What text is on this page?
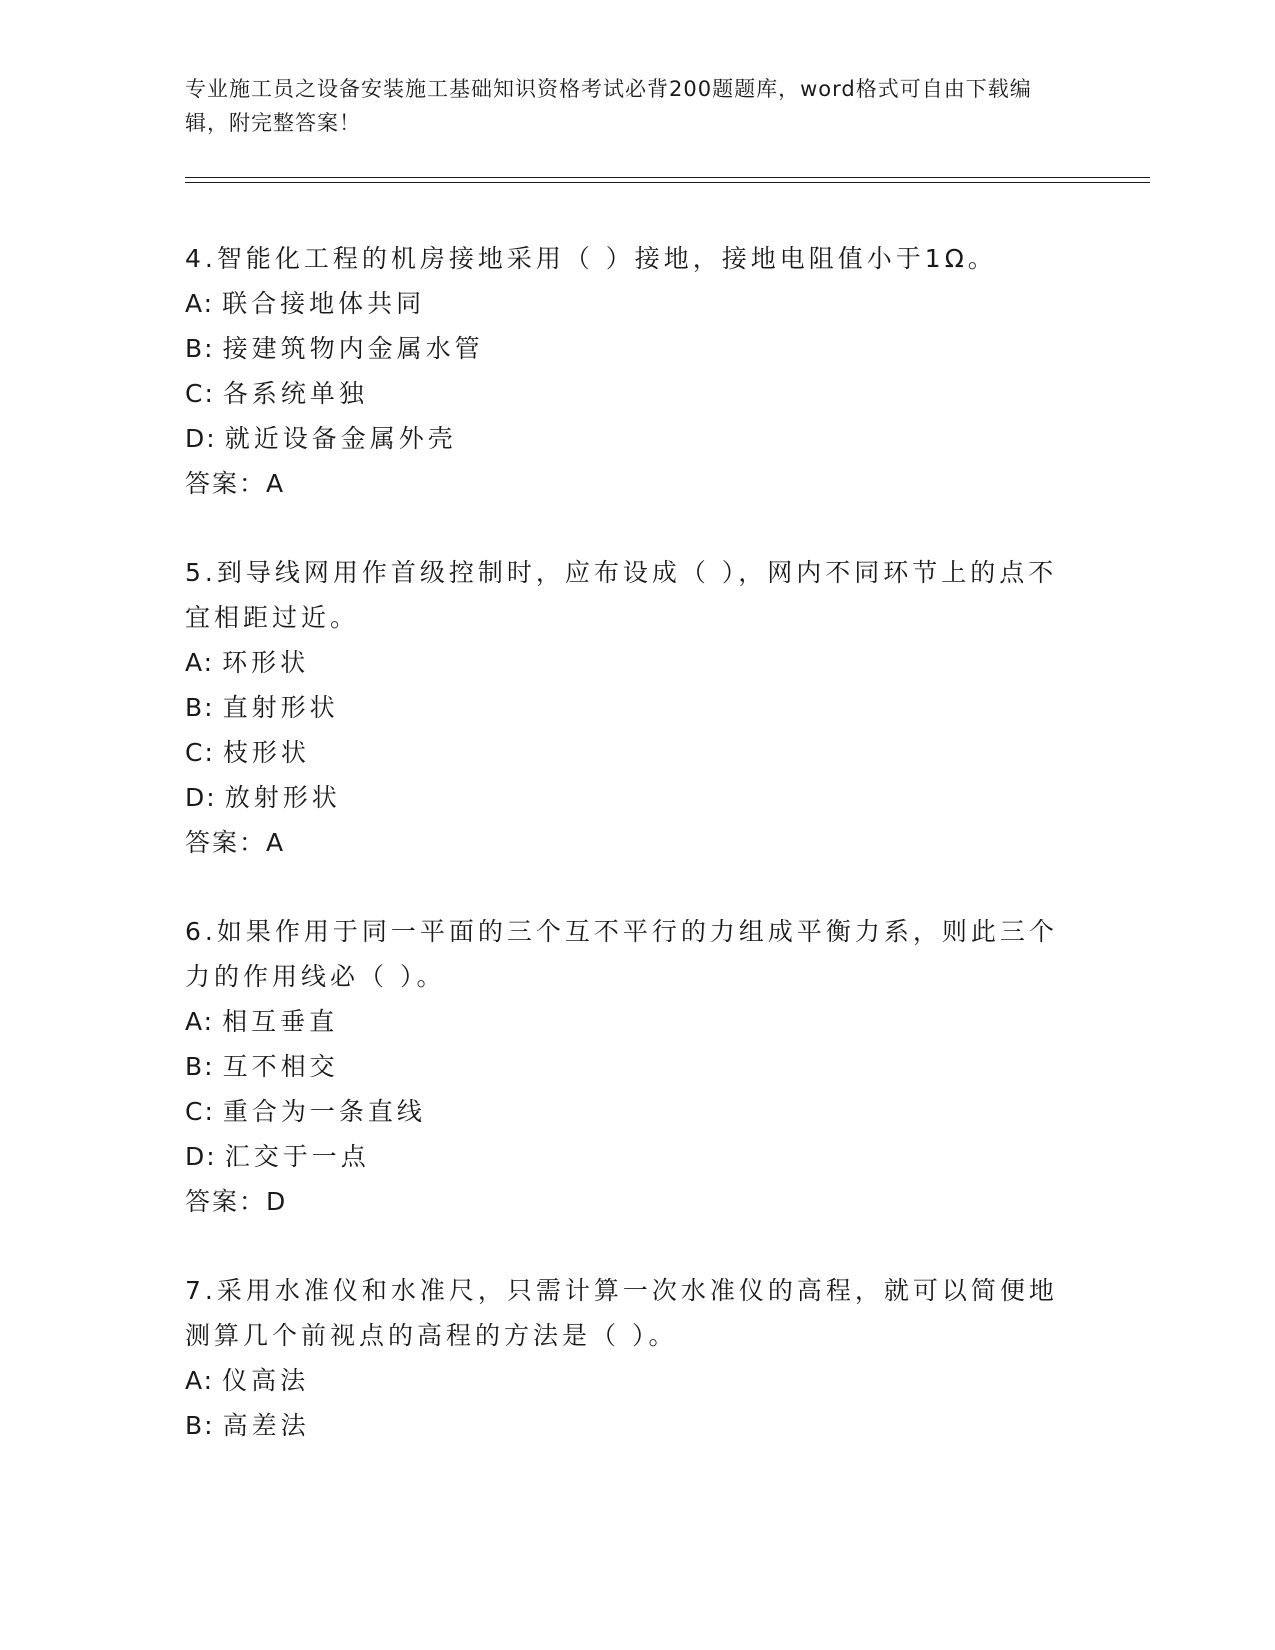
专业施工员之设备安装施工基础知识资格考试必背200题题库，word格式可自由下载编辑，附完整答案！
4.智能化工程的机房接地采用（ ）接地，接地电阻值小于1Ω。
A: 联合接地体共同
B: 接建筑物内金属水管
C: 各系统单独
D: 就近设备金属外壳
答案：A
5.到导线网用作首级控制时，应布设成（ ），网内不同环节上的点不宜相距过近。
A: 环形状
B: 直射形状
C: 枝形状
D: 放射形状
答案：A
6.如果作用于同一平面的三个互不平行的力组成平衡力系，则此三个力的作用线必（ ）。
A: 相互垂直
B: 互不相交
C: 重合为一条直线
D: 汇交于一点
答案：D
7.采用水准仪和水准尺，只需计算一次水准仪的高程，就可以简便地测算几个前视点的高程的方法是（ ）。
A: 仪高法
B: 高差法
